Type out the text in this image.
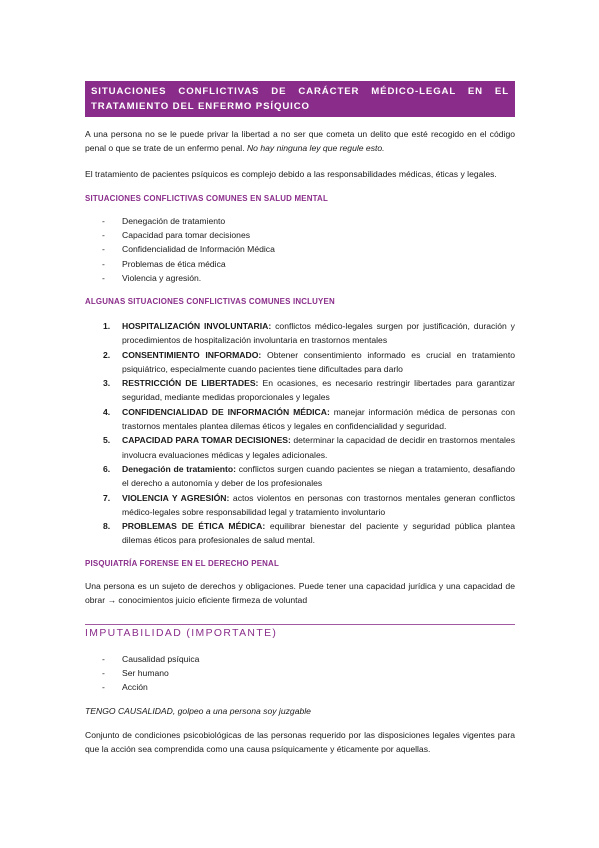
SITUACIONES CONFLICTIVAS DE CARÁCTER MÉDICO-LEGAL EN EL TRATAMIENTO DEL ENFERMO PSÍQUICO
A una persona no se le puede privar la libertad a no ser que cometa un delito que esté recogido en el código penal o que se trate de un enfermo penal. No hay ninguna ley que regule esto.
El tratamiento de pacientes psíquicos es complejo debido a las responsabilidades médicas, éticas y legales.
SITUACIONES CONFLICTIVAS COMUNES EN SALUD MENTAL
- Denegación de tratamiento
- Capacidad para tomar decisiones
- Confidencialidad de Información Médica
- Problemas de ética médica
- Violencia y agresión.
ALGUNAS SITUACIONES CONFLICTIVAS COMUNES INCLUYEN
1. HOSPITALIZACIÓN INVOLUNTARIA: conflictos médico-legales surgen por justificación, duración y procedimientos de hospitalización involuntaria en trastornos mentales
2. CONSENTIMIENTO INFORMADO: Obtener consentimiento informado es crucial en tratamiento psiquiátrico, especialmente cuando pacientes tiene dificultades para darlo
3. RESTRICCIÓN DE LIBERTADES: En ocasiones, es necesario restringir libertades para garantizar seguridad, mediante medidas proporcionales y legales
4. CONFIDENCIALIDAD DE INFORMACIÓN MÉDICA: manejar información médica de personas con trastornos mentales plantea dilemas éticos y legales en confidencialidad y seguridad.
5. CAPACIDAD PARA TOMAR DECISIONES: determinar la capacidad de decidir en trastornos mentales involucra evaluaciones médicas y legales adicionales.
6. Denegación de tratamiento: conflictos surgen cuando pacientes se niegan a tratamiento, desafiando el derecho a autonomía y deber de los profesionales
7. VIOLENCIA Y AGRESIÓN: actos violentos en personas con trastornos mentales generan conflictos médico-legales sobre responsabilidad legal y tratamiento involuntario
8. PROBLEMAS DE ÉTICA MÉDICA: equilibrar bienestar del paciente y seguridad pública plantea dilemas éticos para profesionales de salud mental.
PISQUIATRÍA FORENSE EN EL DERECHO PENAL
Una persona es un sujeto de derechos y obligaciones. Puede tener una capacidad jurídica y una capacidad de obrar → conocimientos juicio eficiente firmeza de voluntad
IMPUTABILIDAD (IMPORTANTE)
- Causalidad psíquica
- Ser humano
- Acción
TENGO CAUSALIDAD, golpeo a una persona soy juzgable
Conjunto de condiciones psicobiológicas de las personas requerido por las disposiciones legales vigentes para que la acción sea comprendida como una causa psíquicamente y éticamente por aquellas.
